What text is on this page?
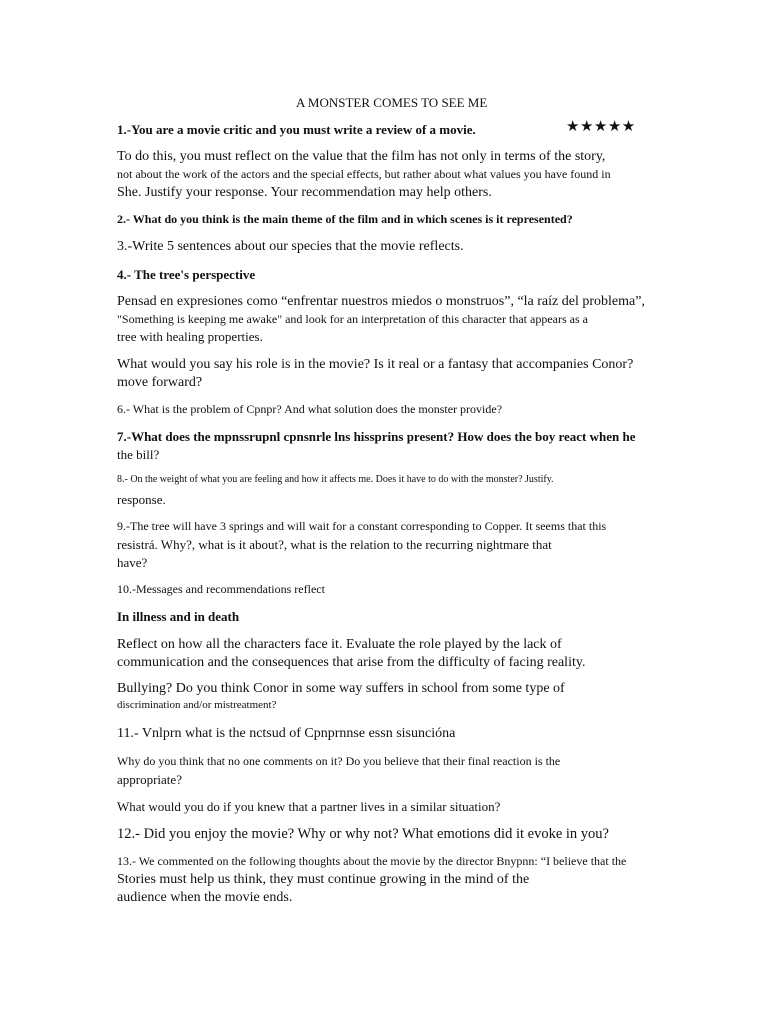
A MONSTER COMES TO SEE ME
★★★★★
1.-You are a movie critic and you must write a review of a movie.
To do this, you must reflect on the value that the film has not only in terms of the story,
not about the work of the actors and the special effects, but rather about what values you have found in
She. Justify your response. Your recommendation may help others.
2.- What do you think is the main theme of the film and in which scenes is it represented?
3.-Write 5 sentences about our species that the movie reflects.
4.- The tree's perspective
Pensad en expresiones como “enfrentar nuestros miedos o monstruos”, “la raíz del problema”,
"Something is keeping me awake" and look for an interpretation of this character that appears as a
tree with healing properties.
What would you say his role is in the movie? Is it real or a fantasy that accompanies Conor?
move forward?
6.- What is the problem of Cpnpr? And what solution does the monster provide?
7.-What does the mpnssrupnl cpnsnrle lns hissprins present? How does the boy react when he
the bill?
8.- On the weight of what you are feeling and how it affects me. Does it have to do with the monster? Justify.
response.
9.-The tree will have 3 springs and will wait for a constant corresponding to Copper. It seems that this
resistrá. Why?, what is it about?, what is the relation to the recurring nightmare that
have?
10.-Messages and recommendations reflect
In illness and in death
Reflect on how all the characters face it. Evaluate the role played by the lack of
communication and the consequences that arise from the difficulty of facing reality.
Bullying? Do you think Conor in some way suffers in school from some type of
discrimination and/or mistreatment?
11.- Vnlprn what is the nctsud of Cpnprnnse essn sisunciónа
Why do you think that no one comments on it? Do you believe that their final reaction is the
appropriate?
What would you do if you knew that a partner lives in a similar situation?
12.- Did you enjoy the movie? Why or why not? What emotions did it evoke in you?
13.- We commented on the following thoughts about the movie by the director Bnypnn: “I believe that the
Stories must help us think, they must continue growing in the mind of the
audience when the movie ends.
